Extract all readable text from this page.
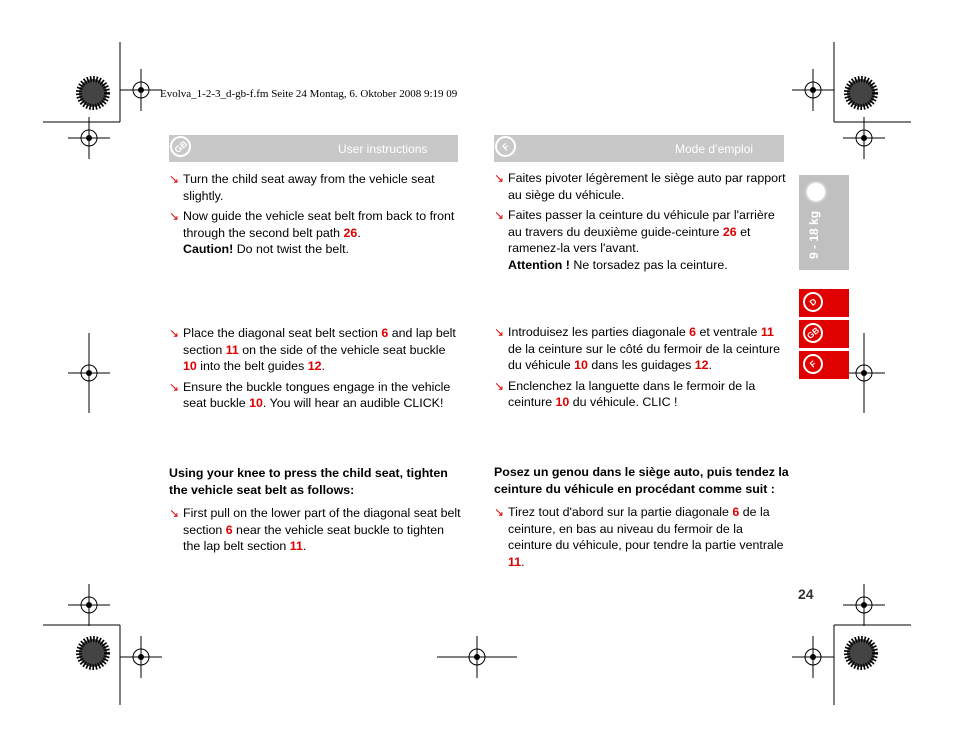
Evolva_1-2-3_d-gb-f.fm Seite 24 Montag, 6. Oktober 2008 9:19 09
GB	User instructions
↘ Turn the child seat away from the vehicle seat slightly.
↘ Now guide the vehicle seat belt from back to front through the second belt path 26.
Caution! Do not twist the belt.
↘ Place the diagonal seat belt section 6 and lap belt section 11 on the side of the vehicle seat buckle 10 into the belt guides 12.
↘ Ensure the buckle tongues engage in the vehicle seat buckle 10. You will hear an audible CLICK!
Using your knee to press the child seat, tighten the vehicle seat belt as follows:
↘ First pull on the lower part of the diagonal seat belt section 6 near the vehicle seat buckle to tighten the lap belt section 11.
F	Mode d’emploi
↘ Faites pivoter légèrement le siège auto par rapport au siège du véhicule.
↘ Faites passer la ceinture du véhicule par l'arrière au travers du deuxième guide-ceinture 26 et ramenez-la vers l'avant.
Attention ! Ne torsadez pas la ceinture.
↘ Introduisez les parties diagonale 6 et ventrale 11 de la ceinture sur le côté du fermoir de la ceinture du véhicule 10 dans les guidages 12.
↘ Enclenchez la languette dans le fermoir de la ceinture 10 du véhicule. CLIC !
Posez un genou dans le siège auto, puis tendez la ceinture du véhicule en procédant comme suit :
↘ Tirez tout d'abord sur la partie diagonale 6 de la ceinture, en bas au niveau du fermoir de la ceinture du véhicule, pour tendre la partie ventrale 11.
9 - 18 kg
D
GB
F
24
